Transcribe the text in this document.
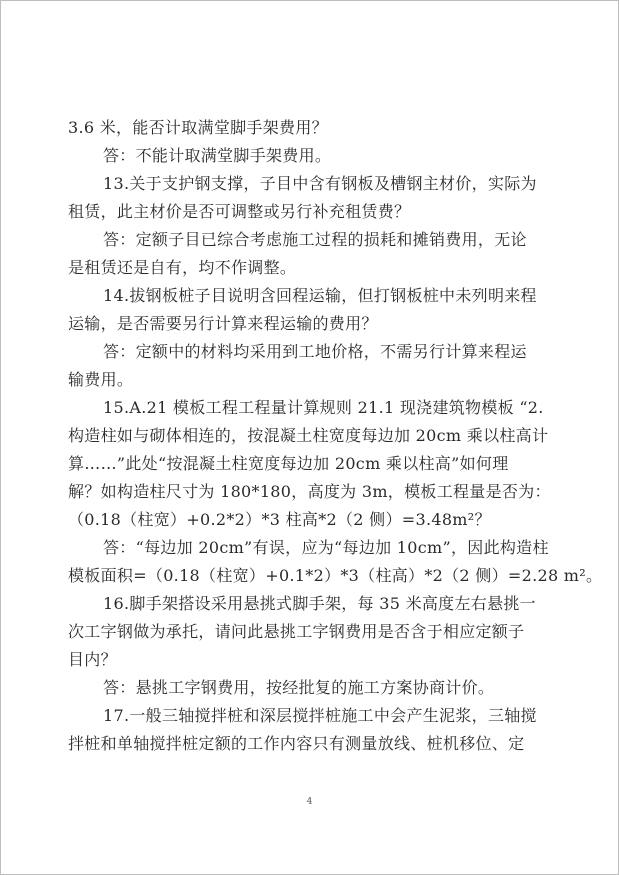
3.6 米，能否计取满堂脚手架费用？
答：不能计取满堂脚手架费用。
13.关于支护钢支撑，子目中含有钢板及槽钢主材价，实际为
租赁，此主材价是否可调整或另行补充租赁费？
答：定额子目已综合考虑施工过程的损耗和摊销费用，无论
是租赁还是自有，均不作调整。
14.拔钢板桩子目说明含回程运输，但打钢板桩中未列明来程
运输，是否需要另行计算来程运输的费用？
答：定额中的材料均采用到工地价格，不需另行计算来程运
输费用。
15.A.21 模板工程工程量计算规则 21.1 现浇建筑物模板 “2.
构造柱如与砌体相连的，按混凝土柱宽度每边加 20cm 乘以柱高计
算……”此处“按混凝土柱宽度每边加 20cm 乘以柱高”如何理
解？如构造柱尺寸为 180*180，高度为 3m，模板工程量是否为：
（0.18（柱宽）+0.2*2）*3 柱高*2（2 侧）=3.48m²？
答：“每边加 20cm”有误，应为“每边加 10cm”，因此构造柱
模板面积=（0.18（柱宽）+0.1*2）*3（柱高）*2（2 侧）=2.28 m²。
16.脚手架搭设采用悬挑式脚手架，每 35 米高度左右悬挑一
次工字钢做为承托，请问此悬挑工字钢费用是否含于相应定额子
目内？
答：悬挑工字钢费用，按经批复的施工方案协商计价。
17.一般三轴搅拌桩和深层搅拌桩施工中会产生泥浆，三轴搅
拌桩和单轴搅拌桩定额的工作内容只有测量放线、桩机移位、定
4
